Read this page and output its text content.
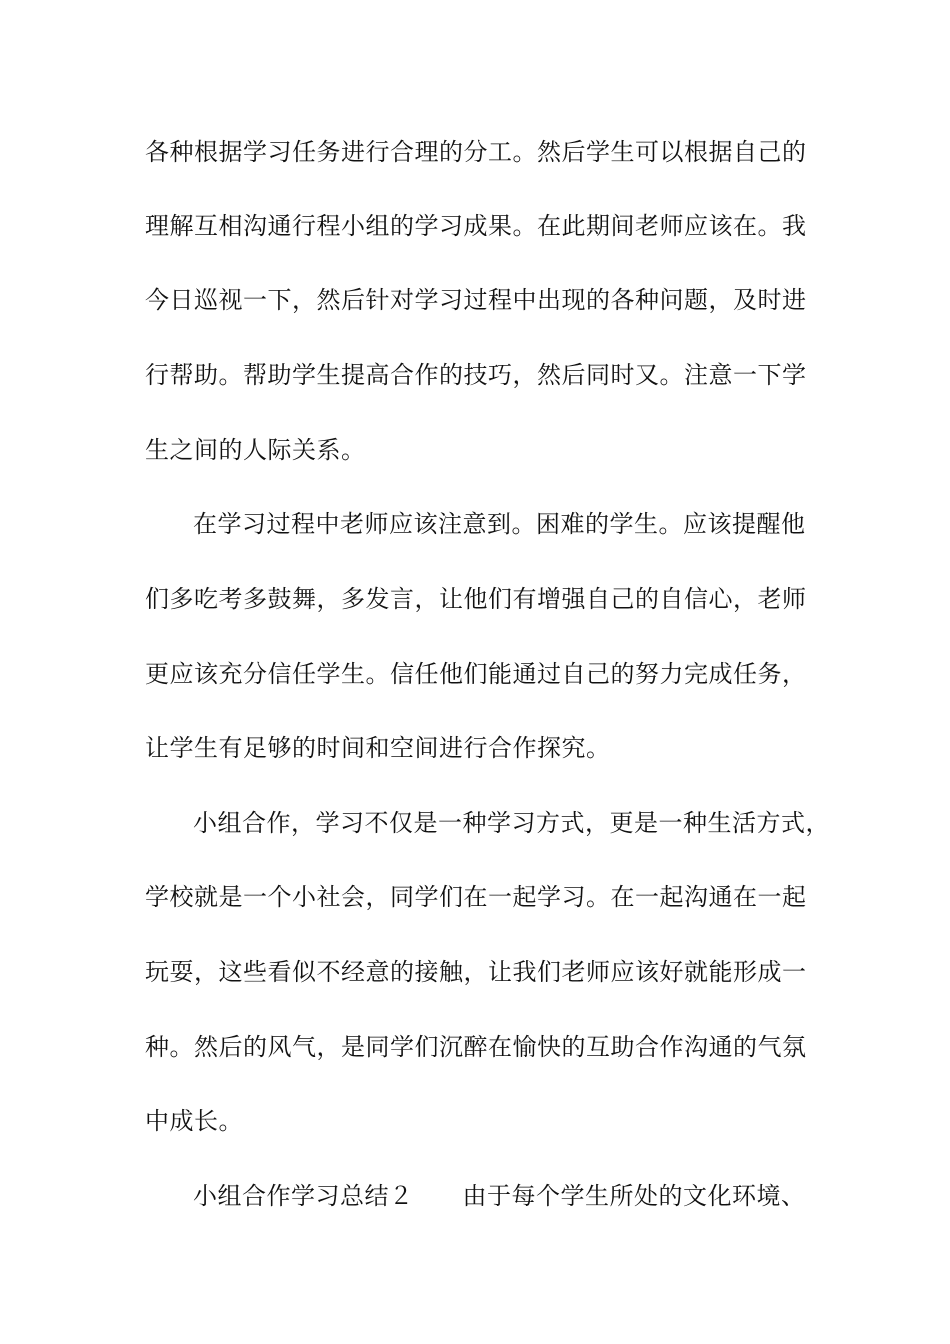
各种根据学习任务进行合理的分工。然后学生可以根据自己的
理解互相沟通行程小组的学习成果。在此期间老师应该在。我
今日巡视一下，然后针对学习过程中出现的各种问题，及时进
行帮助。帮助学生提高合作的技巧，然后同时又。注意一下学
生之间的人际关系。
在学习过程中老师应该注意到。困难的学生。应该提醒他
们多吃考多鼓舞，多发言，让他们有增强自己的自信心，老师
更应该充分信任学生。信任他们能通过自己的努力完成任务，
让学生有足够的时间和空间进行合作探究。
小组合作，学习不仅是一种学习方式，更是一种生活方式，
学校就是一个小社会，同学们在一起学习。在一起沟通在一起
玩耍，这些看似不经意的接触，让我们老师应该好就能形成一
种。然后的风气，是同学们沉醉在愉快的互助合作沟通的气氛
中成长。
小组合作学习总结２　　由于每个学生所处的文化环境、
